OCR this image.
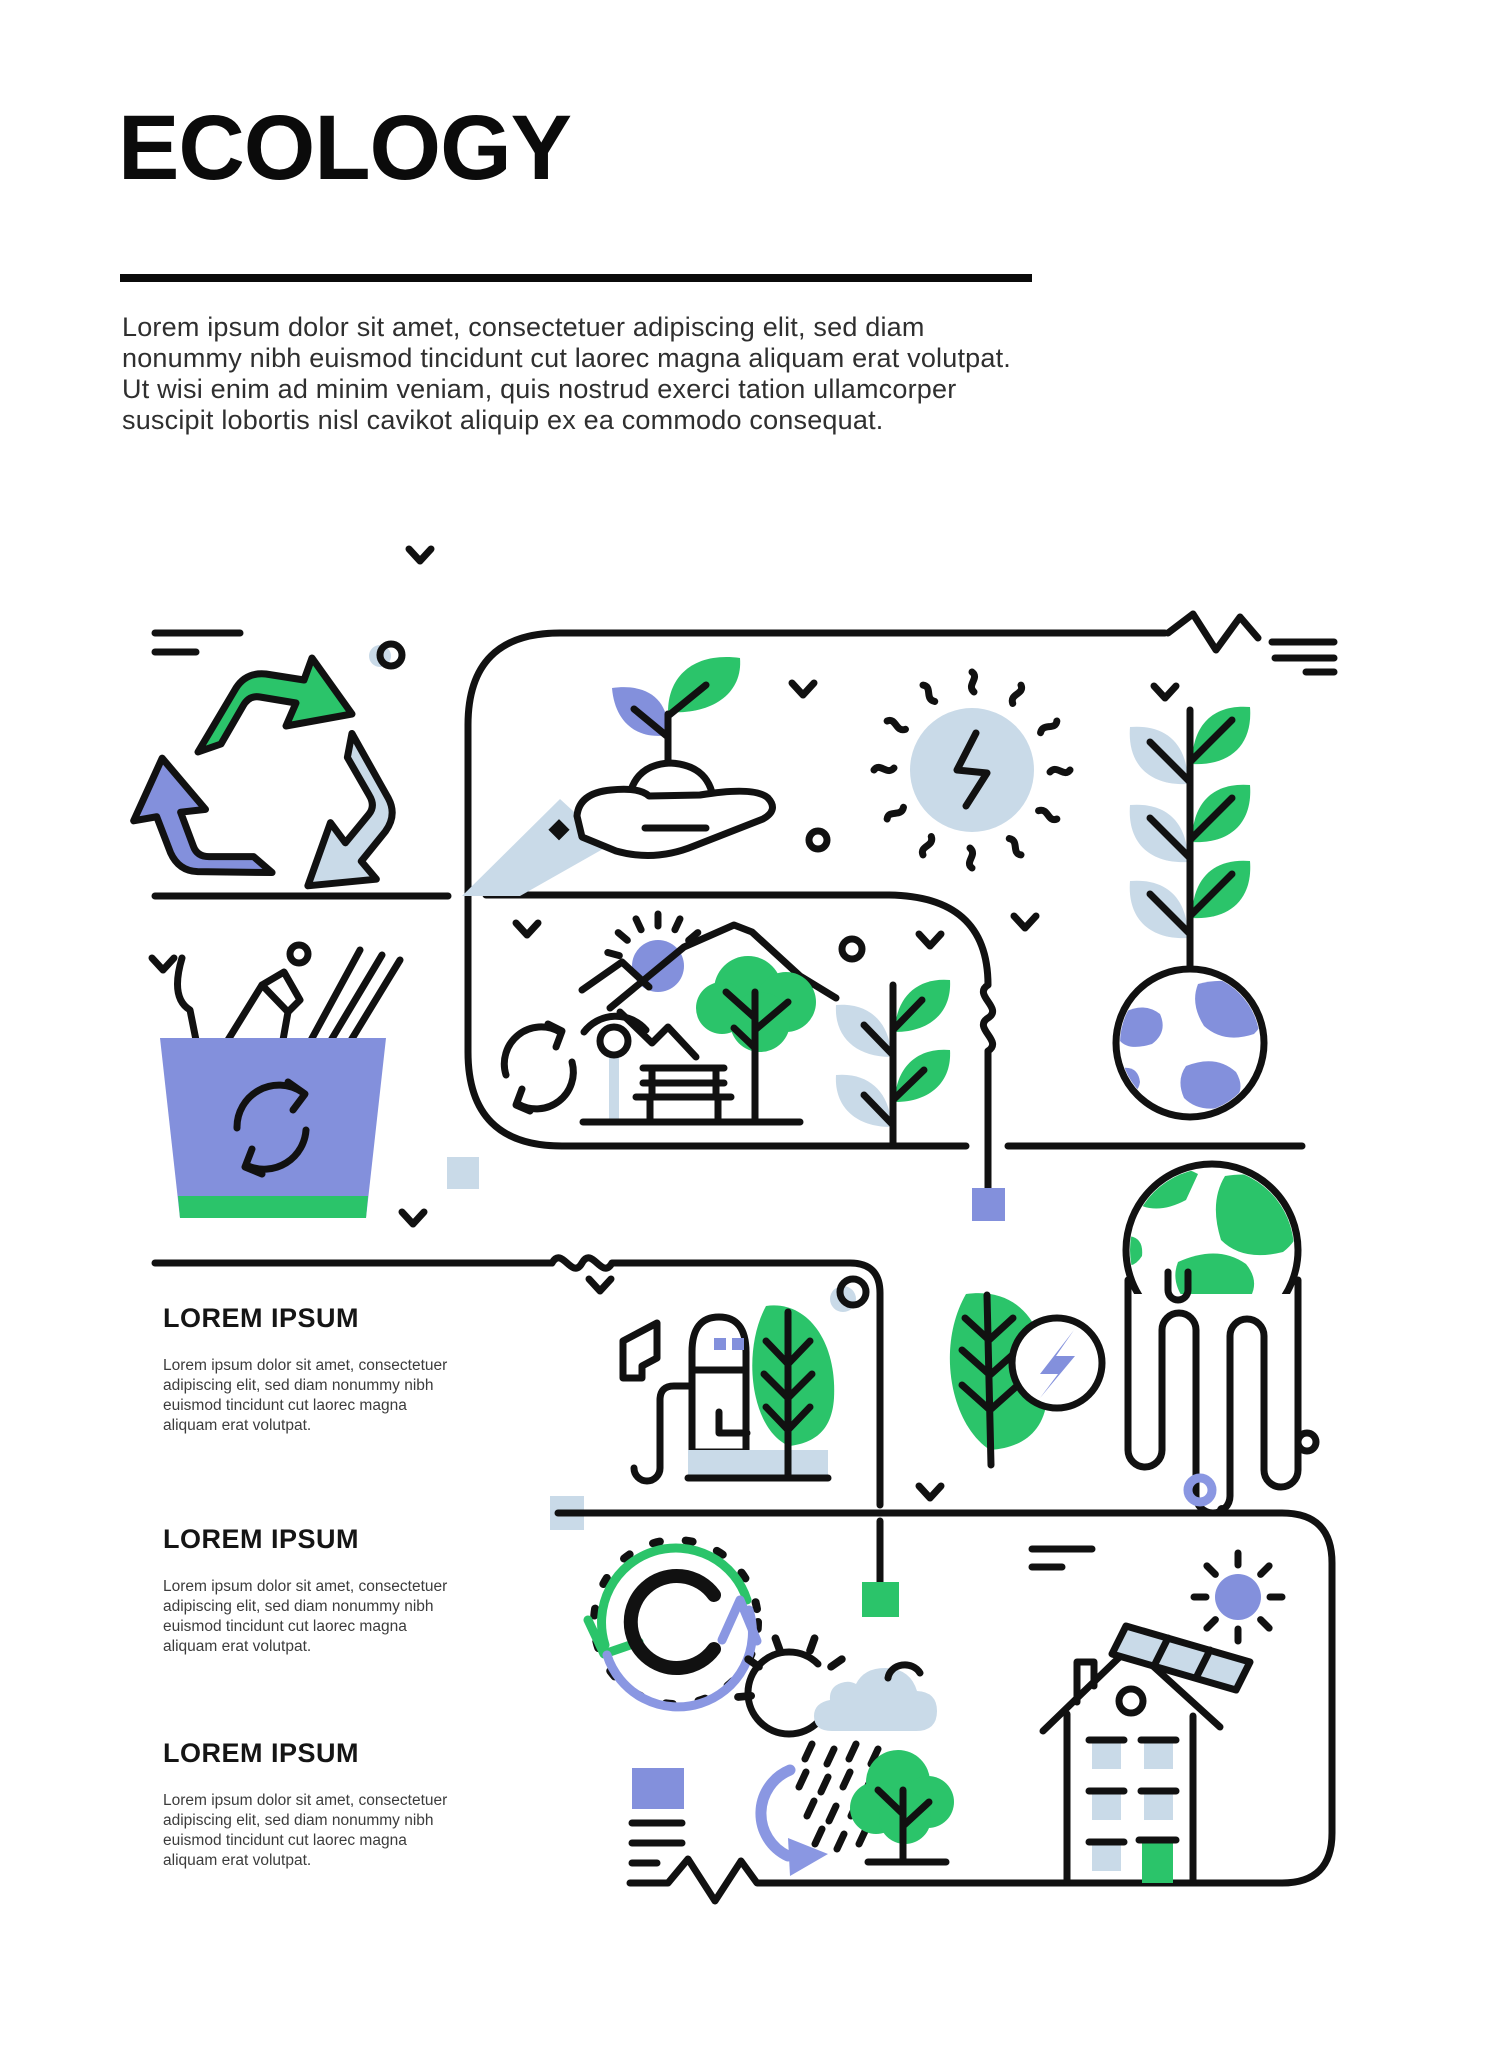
ECOLOGY
Lorem ipsum dolor sit amet, consectetuer adipiscing elit, sed diam nonummy nibh euismod tincidunt cut laorec magna aliquam erat volutpat. Ut wisi enim ad minim veniam, quis nostrud exerci tation ullamcorper suscipit lobortis nisl cavikot aliquip ex ea commodo consequat.
LOREM IPSUM

Lorem ipsum dolor sit amet, consectetuer adipiscing elit, sed diam nonummy nibh euismod tincidunt cut laorec magna aliquam erat volutpat.

LOREM IPSUM

Lorem ipsum dolor sit amet, consectetuer adipiscing elit, sed diam nonummy nibh euismod tincidunt cut laorec magna aliquam erat volutpat.

LOREM IPSUM

Lorem ipsum dolor sit amet, consectetuer adipiscing elit, sed diam nonummy nibh euismod tincidunt cut laorec magna aliquam erat volutpat.
